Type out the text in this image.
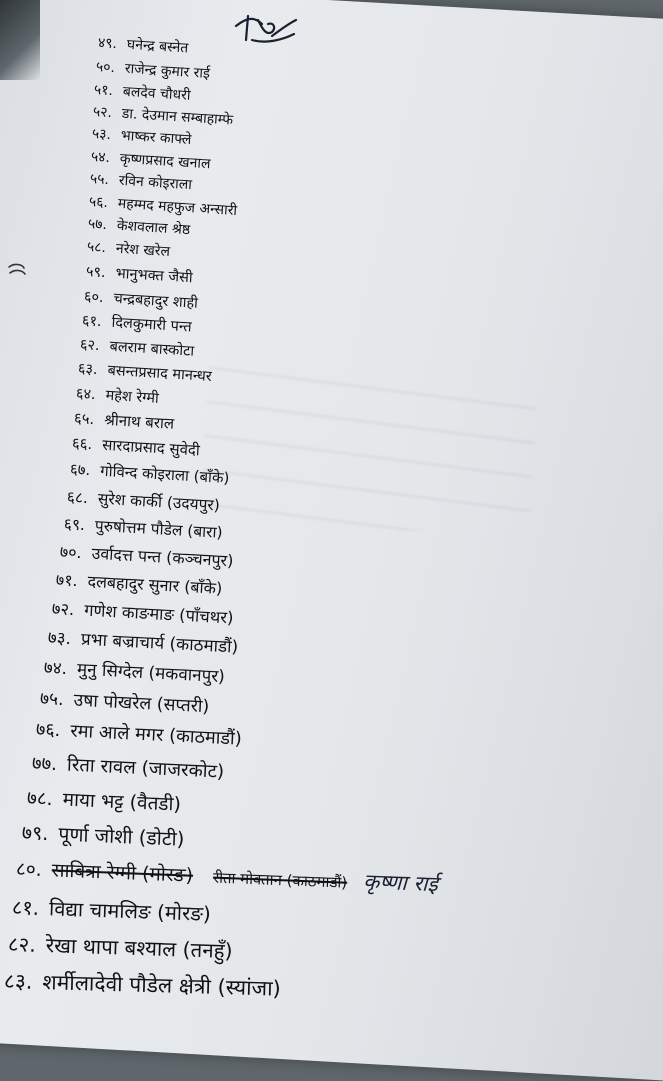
४९. घनेन्द्र बस्नेत
५०. राजेन्द्र कुमार राई
५१. बलदेव चौधरी
५२. डा. देउमान सम्बाहाम्फे
५३. भाष्कर काफ्ले
५४. कृष्णप्रसाद खनाल
५५. रविन कोइराला
५६. महम्मद महफुज अन्सारी
५७. केशवलाल श्रेष्ठ
५८. नरेश खरेल
५९. भानुभक्त जैसी
६०. चन्द्रबहादुर शाही
६१. दिलकुमारी पन्त
६२. बलराम बास्कोटा
६३. बसन्तप्रसाद मानन्धर
६४. महेश रेग्मी
६५. श्रीनाथ बराल
६६. सारदाप्रसाद सुवेदी
६७. गोविन्द कोइराला (बाँके)
६८. सुरेश कार्की (उदयपुर)
६९. पुरुषोत्तम पौडेल (बारा)
७०. उर्वादत्त पन्त (कञ्चनपुर)
७१. दलबहादुर सुनार (बाँके)
७२. गणेश काङमाङ (पाँचथर)
७३. प्रभा बज्राचार्य (काठमाडौं)
७४. मुनु सिग्देल (मकवानपुर)
७५. उषा पोखरेल (सप्तरी)
७६. रमा आले मगर (काठमाडौं)
७७. रिता रावल (जाजरकोट)
७८. माया भट्ट (वैतडी)
७९. पूर्णा जोशी (डोटी)
८०. साबित्रा रेग्मी (मोरङ) रीता मोक्तान (काठमाडौं) कृष्णा राई
८१. विद्या चामलिङ (मोरङ)
८२. रेखा थापा बश्याल (तनहुँ)
८३. शर्मीलादेवी पौडेल क्षेत्री (स्यांजा)
